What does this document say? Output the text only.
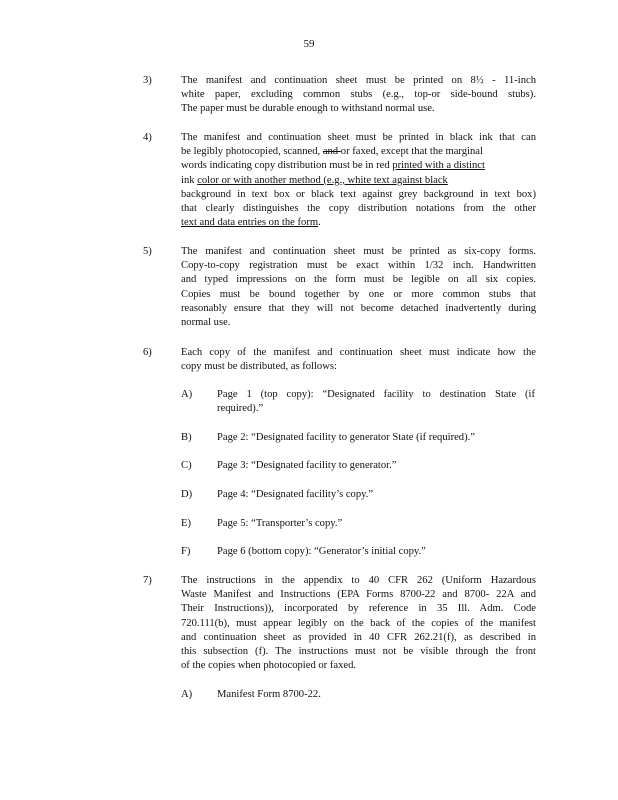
59
3)	The manifest and continuation sheet must be printed on 8½ - 11-inch
white paper, excluding common stubs (e.g., top-or side-bound stubs).
The paper must be durable enough to withstand normal use.
4)	The manifest and continuation sheet must be printed in black ink that can
be legibly photocopied, scanned, and or faxed, except that the marginal
words indicating copy distribution must be in red printed with a distinct
ink color or with another method (e.g., white text against black
background in text box or black text against grey background in text box)
that clearly distinguishes the copy distribution notations from the other
text and data entries on the form.
5)	The manifest and continuation sheet must be printed as six-copy forms.
Copy-to-copy registration must be exact within 1/32 inch. Handwritten
and typed impressions on the form must be legible on all six copies.
Copies must be bound together by one or more common stubs that
reasonably ensure that they will not become detached inadvertently during
normal use.
6)	Each copy of the manifest and continuation sheet must indicate how the
copy must be distributed, as follows:
A) Page 1 (top copy): “Designated facility to destination State (if
required).”
B) Page 2: “Designated facility to generator State (if required).”
C) Page 3: “Designated facility to generator.”
D) Page 4: “Designated facility’s copy.”
E) Page 5: “Transporter’s copy.”
F)	Page 6 (bottom copy): “Generator’s initial copy.”
7)	The instructions in the appendix to 40 CFR 262 (Uniform Hazardous
Waste Manifest and Instructions (EPA Forms 8700-22 and 8700- 22A and
Their Instructions)), incorporated by reference in 35 Ill. Adm. Code
720.111(b), must appear legibly on the back of the copies of the manifest
and continuation sheet as provided in 40 CFR 262.21(f), as described in
this subsection (f). The instructions must not be visible through the front
of the copies when photocopied or faxed.
A) Manifest Form 8700-22.
